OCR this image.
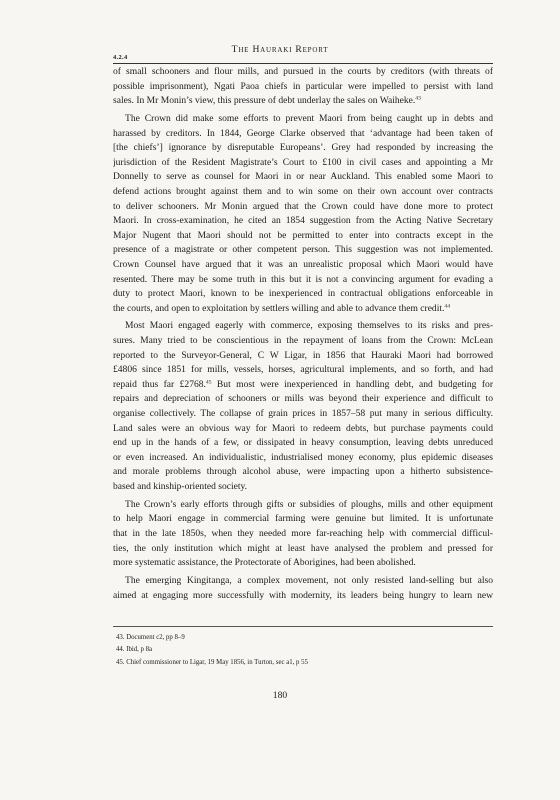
The Hauraki Report
4.2.4
of small schooners and flour mills, and pursued in the courts by creditors (with threats of
possible imprisonment), Ngati Paoa chiefs in particular were impelled to persist with land
sales. In Mr Monin’s view, this pressure of debt underlay the sales on Waiheke.$^{43}$
The Crown did make some efforts to prevent Maori from being caught up in debts and
harassed by creditors. In 1844, George Clarke observed that ‘advantage had been taken of
[the chiefs’] ignorance by disreputable Europeans’. Grey had responded by increasing the
jurisdiction of the Resident Magistrate’s Court to £100 in civil cases and appointing a Mr
Donnelly to serve as counsel for Maori in or near Auckland. This enabled some Maori to
defend actions brought against them and to win some on their own account over contracts
to deliver schooners. Mr Monin argued that the Crown could have done more to protect
Maori. In cross-examination, he cited an 1854 suggestion from the Acting Native Secretary
Major Nugent that Maori should not be permitted to enter into contracts except in the
presence of a magistrate or other competent person. This suggestion was not implemented.
Crown Counsel have argued that it was an unrealistic proposal which Maori would have
resented. There may be some truth in this but it is not a convincing argument for evading a
duty to protect Maori, known to be inexperienced in contractual obligations enforceable in
the courts, and open to exploitation by settlers willing and able to advance them credit.$^{44}$
Most Maori engaged eagerly with commerce, exposing themselves to its risks and pres-
sures. Many tried to be conscientious in the repayment of loans from the Crown: McLean
reported to the Surveyor-General, C W Ligar, in 1856 that Hauraki Maori had borrowed
£4806 since 1851 for mills, vessels, horses, agricultural implements, and so forth, and had
repaid thus far £2768.45 But most were inexperienced in handling debt, and budgeting for
repairs and depreciation of schooners or mills was beyond their experience and difficult to
organise collectively. The collapse of grain prices in 1857–58 put many in serious difficulty.
Land sales were an obvious way for Maori to redeem debts, but purchase payments could
end up in the hands of a few, or dissipated in heavy consumption, leaving debts unreduced
or even increased. An individualistic, industrialised money economy, plus epidemic diseases
and morale problems through alcohol abuse, were impacting upon a hitherto subsistence-
based and kinship-oriented society.
The Crown’s early efforts through gifts or subsidies of ploughs, mills and other equipment
to help Maori engage in commercial farming were genuine but limited. It is unfortunate
that in the late 1850s, when they needed more far-reaching help with commercial difficul-
ties, the only institution which might at least have analysed the problem and pressed for
more systematic assistance, the Protectorate of Aborigines, had been abolished.
The emerging Kingitanga, a complex movement, not only resisted land-selling but also
aimed at engaging more successfully with modernity, its leaders being hungry to learn new
43. Document c2, pp 8–9
44. Ibid, p 8a
45. Chief commissioner to Ligar, 19 May 1856, in Turton, sec a1, p 55
180
